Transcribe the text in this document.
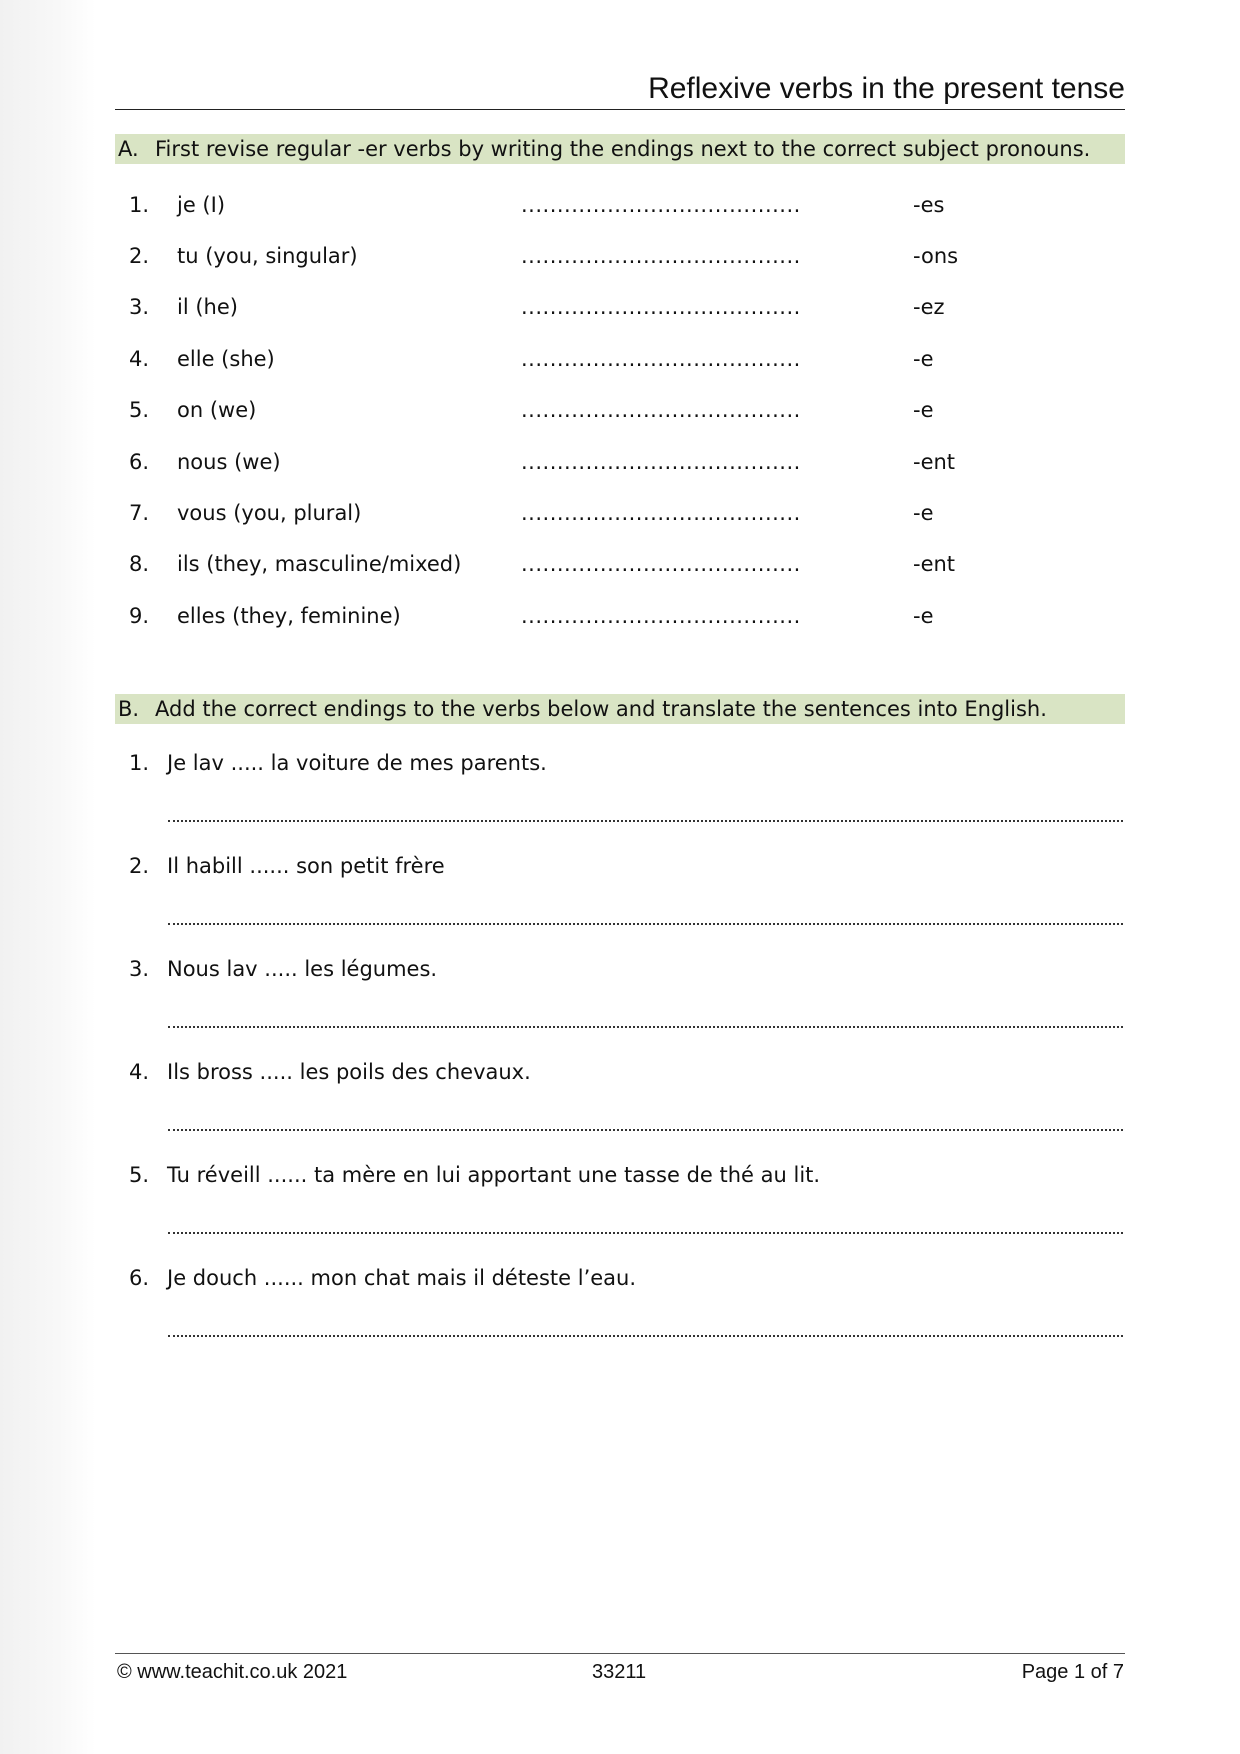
Reflexive verbs in the present tense
A. First revise regular -er verbs by writing the endings next to the correct subject pronouns.
1. je (I)	.......................................	-es
2. tu (you, singular)	.......................................	-ons
3. il (he)	.......................................	-ez
4. elle (she)	.......................................	-e
5. on (we)	.......................................	-e
6. nous (we)	.......................................	-ent
7. vous (you, plural)	.......................................	-e
8. ils (they, masculine/mixed)	.......................................	-ent
9. elles (they, feminine)	.......................................	-e
B. Add the correct endings to the verbs below and translate the sentences into English.
1. Je lav ..... la voiture de mes parents.
2. Il habill ...... son petit frère
3. Nous lav ..... les légumes.
4. Ils bross ..... les poils des chevaux.
5. Tu réveill ...... ta mère en lui apportant une tasse de thé au lit.
6. Je douch ...... mon chat mais il déteste l’eau.
© www.teachit.co.uk 2021	33211	Page 1 of 7
